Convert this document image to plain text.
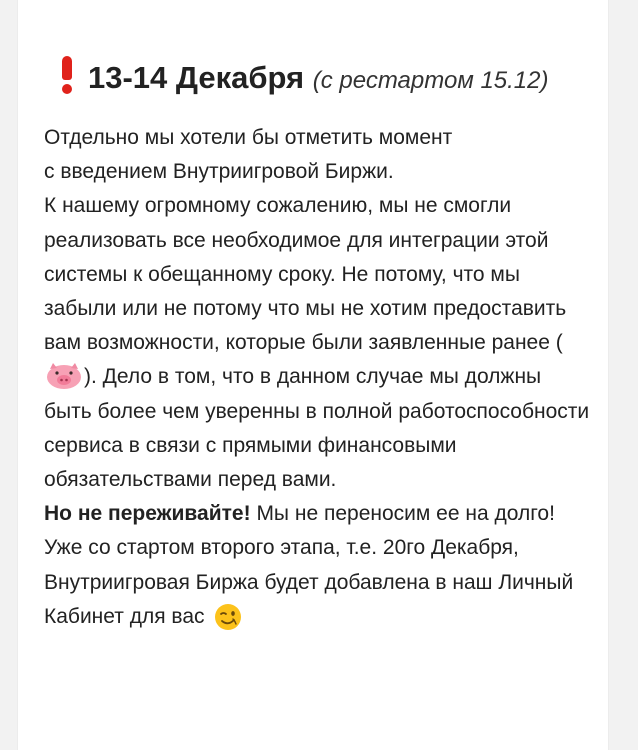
13-14 Декабря (с рестартом 15.12)

Отдельно мы хотели бы отметить момент
с введением Внутриигровой Биржи.

К нашему огромному сожалению, мы не смогли реализовать все необходимое для интеграции этой системы к обещанному сроку. Не потому, что мы забыли или не потому что мы не хотим предоставить вам возможности, которые были заявленные ранее (). Дело в том, что в данном случае мы должны быть более чем уверенны в полной работоспособности сервиса в связи с прямыми финансовыми обязательствами перед вами.

Но не переживайте! Мы не переносим ее на долго! Уже со стартом второго этапа, т.е. 20го Декабря, Внутриигровая Биржа будет добавлена в наш Личный Кабинет для вас
